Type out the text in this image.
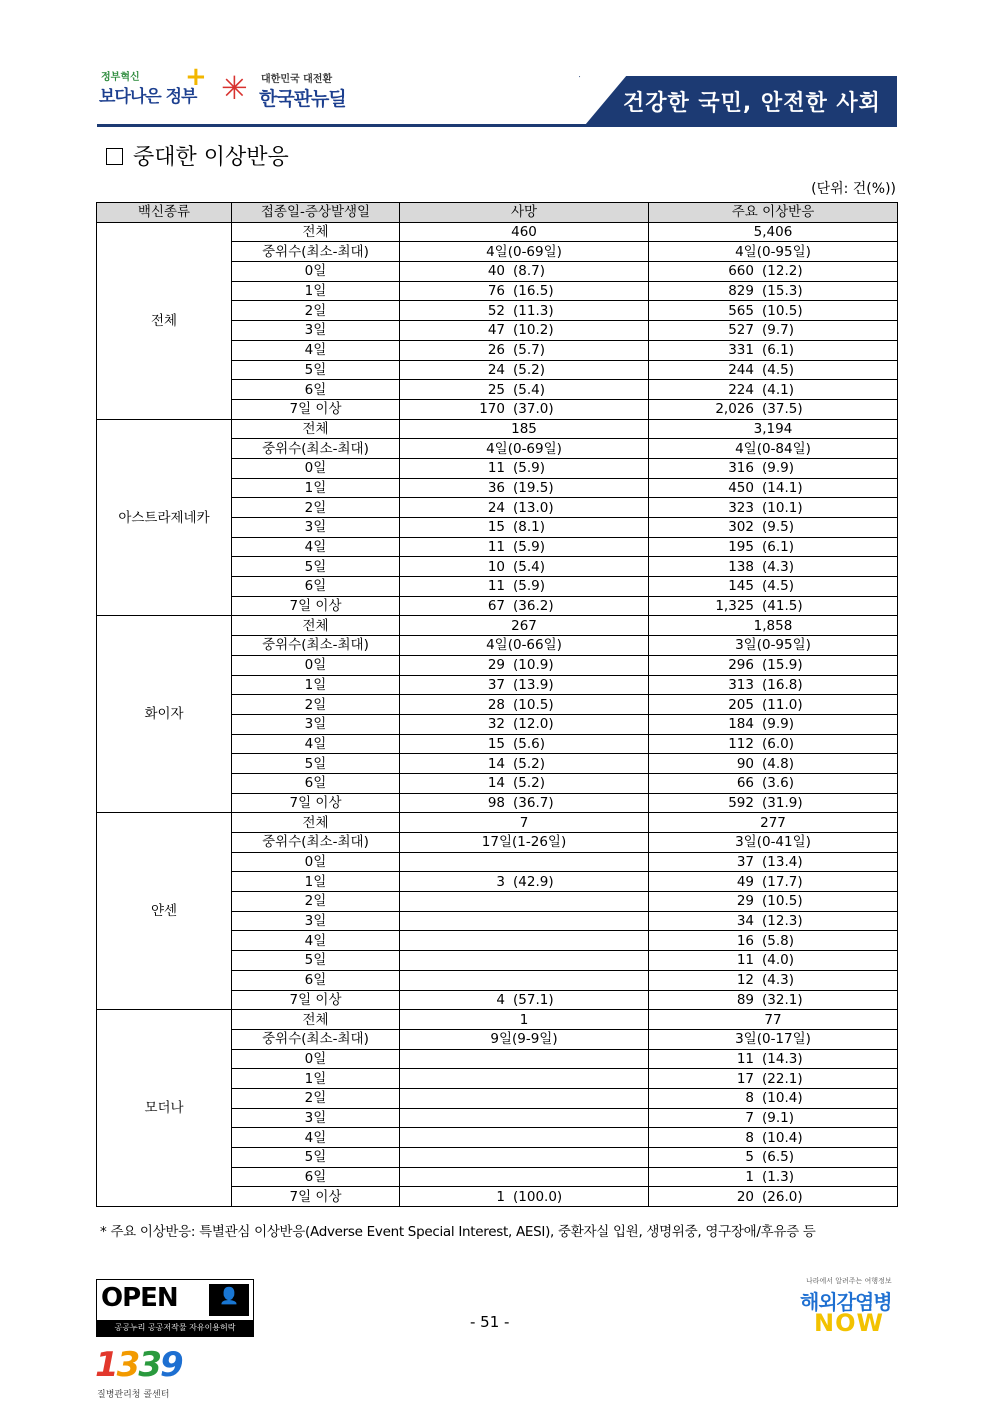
정부혁신
보다나은 정부
+ ✳ 대한민국 대전환
한국판뉴딜	건강한 국민, 안전한 사회
중대한 이상반응
(단위: 건(%))
백신종류	접종일-증상발생일	사망	주요 이상반응
전체	전체	460	5,406
	중위수(최소-최대)	4일(0-69일)	4일(0-95일)
	0일	40 (8.7)	660 (12.2)
	1일	76 (16.5)	829 (15.3)
	2일	52 (11.3)	565 (10.5)
	3일	47 (10.2)	527 (9.7)
	4일	26 (5.7)	331 (6.1)
	5일	24 (5.2)	244 (4.5)
	6일	25 (5.4)	224 (4.1)
	7일 이상	170 (37.0)	2,026 (37.5)
아스트라제네카	전체	185	3,194
	중위수(최소-최대)	4일(0-69일)	4일(0-84일)
	0일	11 (5.9)	316 (9.9)
	1일	36 (19.5)	450 (14.1)
	2일	24 (13.0)	323 (10.1)
	3일	15 (8.1)	302 (9.5)
	4일	11 (5.9)	195 (6.1)
	5일	10 (5.4)	138 (4.3)
	6일	11 (5.9)	145 (4.5)
	7일 이상	67 (36.2)	1,325 (41.5)
화이자	전체	267	1,858
	중위수(최소-최대)	4일(0-66일)	3일(0-95일)
	0일	29 (10.9)	296 (15.9)
	1일	37 (13.9)	313 (16.8)
	2일	28 (10.5)	205 (11.0)
	3일	32 (12.0)	184 (9.9)
	4일	15 (5.6)	112 (6.0)
	5일	14 (5.2)	90 (4.8)
	6일	14 (5.2)	66 (3.6)
	7일 이상	98 (36.7)	592 (31.9)
얀센	전체	7	277
	중위수(최소-최대)	17일(1-26일)	3일(0-41일)
	0일		37 (13.4)
	1일	3 (42.9)	49 (17.7)
	2일		29 (10.5)
	3일		34 (12.3)
	4일		16 (5.8)
	5일		11 (4.0)
	6일		12 (4.3)
	7일 이상	4 (57.1)	89 (32.1)
모더나	전체	1	77
	중위수(최소-최대)	9일(9-9일)	3일(0-17일)
	0일		11 (14.3)
	1일		17 (22.1)
	2일		8 (10.4)
	3일		7 (9.1)
	4일		8 (10.4)
	5일		5 (6.5)
	6일		1 (1.3)
	7일 이상	1 (100.0)	20 (26.0)
* 주요 이상반응: 특별관심 이상반응(Adverse Event Special Interest, AESI), 중환자실 입원, 생명위중, 영구장애/후유증 등
OPEN	👤
공공누리 공공저작물 자유이용허락	- 51 -
나라에서 알려주는 여행정보
해외감염병
NOW
1339
질병관리청 콜센터
